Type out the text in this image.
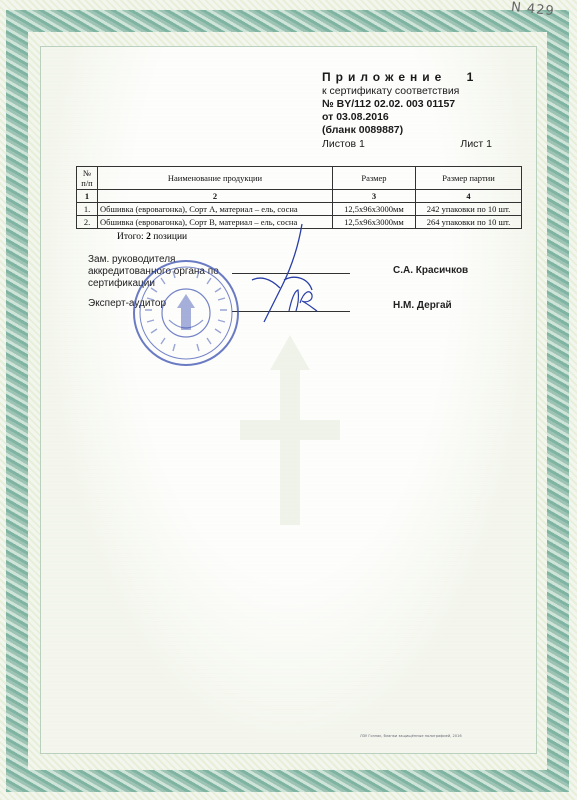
N 429
Приложение 1
к сертификату соответствия
№ BY/112 02.02. 003 01157
от 03.08.2016
(бланк 0089887)
Листов 1	Лист 1
№ п/п	Наименование продукции	Размер	Размер партии
1	2	3	4
1.	Обшивка (евровагонка), Сорт А, материал – ель, сосна	12,5х96х3000мм	242 упаковки по 10 шт.
2.	Обшивка (евровагонка), Сорт В, материал – ель, сосна	12,5х96х3000мм	264 упаковки по 10 шт.
Итого: 2 позиции
Зам. руководителя
аккредитованного органа по
сертификации
С.А. Красичков
Эксперт-аудитор	Н.М. Дергай
ЛЗУ Гознак, бланки защищённые полиграфией, 2016
